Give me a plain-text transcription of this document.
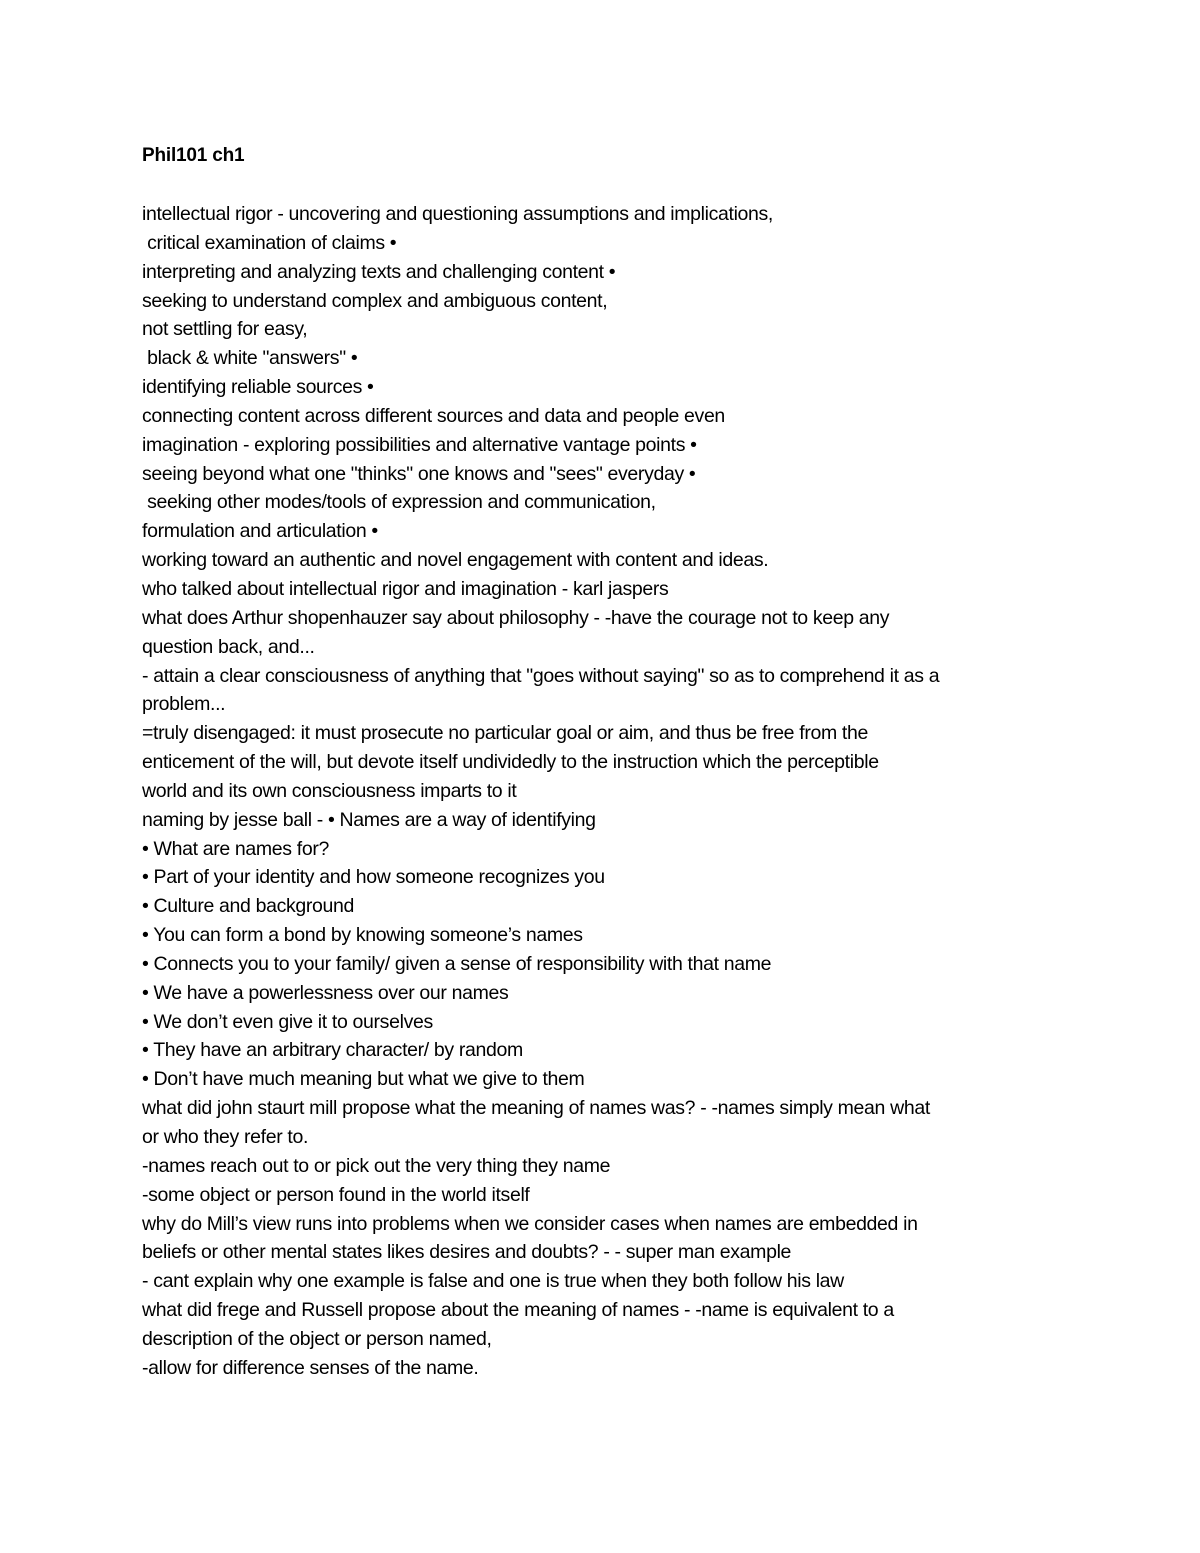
Phil101 ch1

intellectual rigor - uncovering and questioning assumptions and implications,

critical examination of claims •

interpreting and analyzing texts and challenging content •

seeking to understand complex and ambiguous content,

not settling for easy,

black & white "answers" •

identifying reliable sources •

connecting content across different sources and data and people even

imagination - exploring possibilities and alternative vantage points •

seeing beyond what one "thinks" one knows and "sees" everyday •

seeking other modes/tools of expression and communication,

formulation and articulation •

working toward an authentic and novel engagement with content and ideas.

who talked about intellectual rigor and imagination - karl jaspers

what does Arthur shopenhauzer say about philosophy - -have the courage not to keep any

question back, and...

- attain a clear consciousness of anything that "goes without saying" so as to comprehend it as a

problem...

=truly disengaged: it must prosecute no particular goal or aim, and thus be free from the

enticement of the will, but devote itself undividedly to the instruction which the perceptible

world and its own consciousness imparts to it

naming by jesse ball - • Names are a way of identifying

• What are names for?

• Part of your identity and how someone recognizes you

• Culture and background

• You can form a bond by knowing someone’s names

• Connects you to your family/ given a sense of responsibility with that name

• We have a powerlessness over our names

• We don’t even give it to ourselves

• They have an arbitrary character/ by random

• Don’t have much meaning but what we give to them

what did john staurt mill propose what the meaning of names was? - -names simply mean what

or who they refer to.

-names reach out to or pick out the very thing they name

-some object or person found in the world itself

why do Mill’s view runs into problems when we consider cases when names are embedded in

beliefs or other mental states likes desires and doubts? - - super man example

- cant explain why one example is false and one is true when they both follow his law

what did frege and Russell propose about the meaning of names - -name is equivalent to a

description of the object or person named,

-allow for difference senses of the name.
